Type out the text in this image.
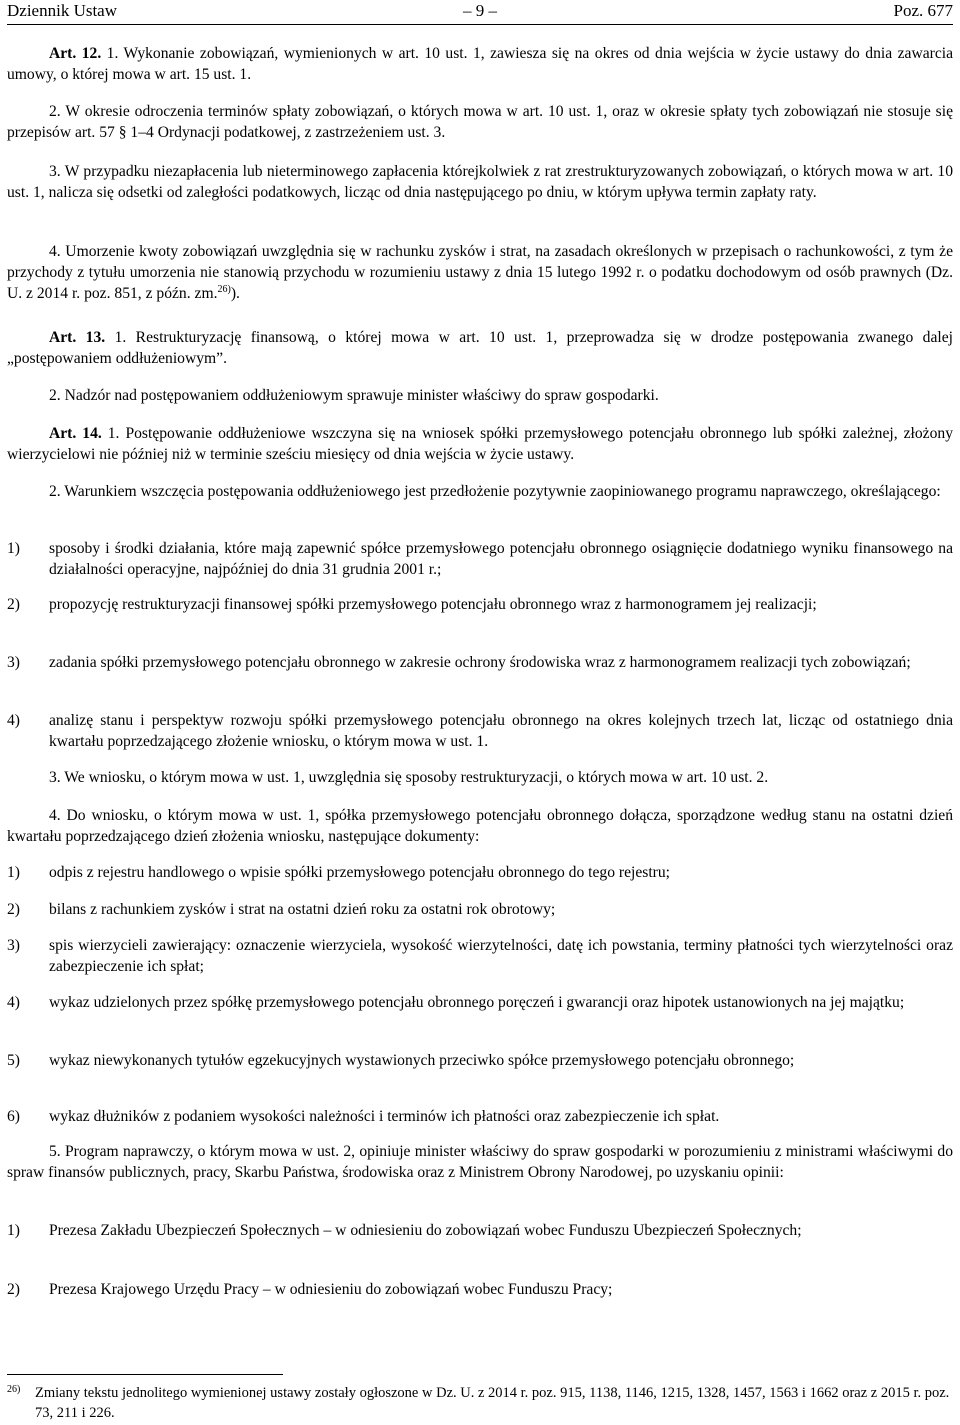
Dziennik Ustaw	– 9 –	Poz. 677
Art. 12. 1. Wykonanie zobowiązań, wymienionych w art. 10 ust. 1, zawiesza się na okres od dnia wejścia w życie ustawy do dnia zawarcia umowy, o której mowa w art. 15 ust. 1.
2. W okresie odroczenia terminów spłaty zobowiązań, o których mowa w art. 10 ust. 1, oraz w okresie spłaty tych zobowiązań nie stosuje się przepisów art. 57 § 1–4 Ordynacji podatkowej, z zastrzeżeniem ust. 3.
3. W przypadku niezapłacenia lub nieterminowego zapłacenia którejkolwiek z rat zrestrukturyzowanych zobowiązań, o których mowa w art. 10 ust. 1, nalicza się odsetki od zaległości podatkowych, licząc od dnia następującego po dniu, w którym upływa termin zapłaty raty.
4. Umorzenie kwoty zobowiązań uwzględnia się w rachunku zysków i strat, na zasadach określonych w przepisach o rachunkowości, z tym że przychody z tytułu umorzenia nie stanowią przychodu w rozumieniu ustawy z dnia 15 lutego 1992 r. o podatku dochodowym od osób prawnych (Dz. U. z 2014 r. poz. 851, z późn. zm.$^{26)}$).
Art. 13. 1. Restrukturyzację finansową, o której mowa w art. 10 ust. 1, przeprowadza się w drodze postępowania zwanego dalej „postępowaniem oddłużeniowym”.
2. Nadzór nad postępowaniem oddłużeniowym sprawuje minister właściwy do spraw gospodarki.
Art. 14. 1. Postępowanie oddłużeniowe wszczyna się na wniosek spółki przemysłowego potencjału obronnego lub spółki zależnej, złożony wierzycielowi nie później niż w terminie sześciu miesięcy od dnia wejścia w życie ustawy.
2. Warunkiem wszczęcia postępowania oddłużeniowego jest przedłożenie pozytywnie zaopiniowanego programu naprawczego, określającego:
1)	sposoby i środki działania, które mają zapewnić spółce przemysłowego potencjału obronnego osiągnięcie dodatniego wyniku finansowego na działalności operacyjne, najpóźniej do dnia 31 grudnia 2001 r.;
2)	propozycję restrukturyzacji finansowej spółki przemysłowego potencjału obronnego wraz z harmonogramem jej realizacji;
3)	zadania spółki przemysłowego potencjału obronnego w zakresie ochrony środowiska wraz z harmonogramem realizacji tych zobowiązań;
4)	analizę stanu i perspektyw rozwoju spółki przemysłowego potencjału obronnego na okres kolejnych trzech lat, licząc od ostatniego dnia kwartału poprzedzającego złożenie wniosku, o którym mowa w ust. 1.
3. We wniosku, o którym mowa w ust. 1, uwzględnia się sposoby restrukturyzacji, o których mowa w art. 10 ust. 2.
4. Do wniosku, o którym mowa w ust. 1, spółka przemysłowego potencjału obronnego dołącza, sporządzone według stanu na ostatni dzień kwartału poprzedzającego dzień złożenia wniosku, następujące dokumenty:
1)	odpis z rejestru handlowego o wpisie spółki przemysłowego potencjału obronnego do tego rejestru;
2)	bilans z rachunkiem zysków i strat na ostatni dzień roku za ostatni rok obrotowy;
3)	spis wierzycieli zawierający: oznaczenie wierzyciela, wysokość wierzytelności, datę ich powstania, terminy płatności tych wierzytelności oraz zabezpieczenie ich spłat;
4)	wykaz udzielonych przez spółkę przemysłowego potencjału obronnego poręczeń i gwarancji oraz hipotek ustanowionych na jej majątku;
5)	wykaz niewykonanych tytułów egzekucyjnych wystawionych przeciwko spółce przemysłowego potencjału obronnego;
6)	wykaz dłużników z podaniem wysokości należności i terminów ich płatności oraz zabezpieczenie ich spłat.
5. Program naprawczy, o którym mowa w ust. 2, opiniuje minister właściwy do spraw gospodarki w porozumieniu z ministrami właściwymi do spraw finansów publicznych, pracy, Skarbu Państwa, środowiska oraz z Ministrem Obrony Narodowej, po uzyskaniu opinii:
1)	Prezesa Zakładu Ubezpieczeń Społecznych – w odniesieniu do zobowiązań wobec Funduszu Ubezpieczeń Społecznych;
2)	Prezesa Krajowego Urzędu Pracy – w odniesieniu do zobowiązań wobec Funduszu Pracy;
26)	Zmiany tekstu jednolitego wymienionej ustawy zostały ogłoszone w Dz. U. z 2014 r. poz. 915, 1138, 1146, 1215, 1328, 1457, 1563 i 1662 oraz z 2015 r. poz. 73, 211 i 226.
